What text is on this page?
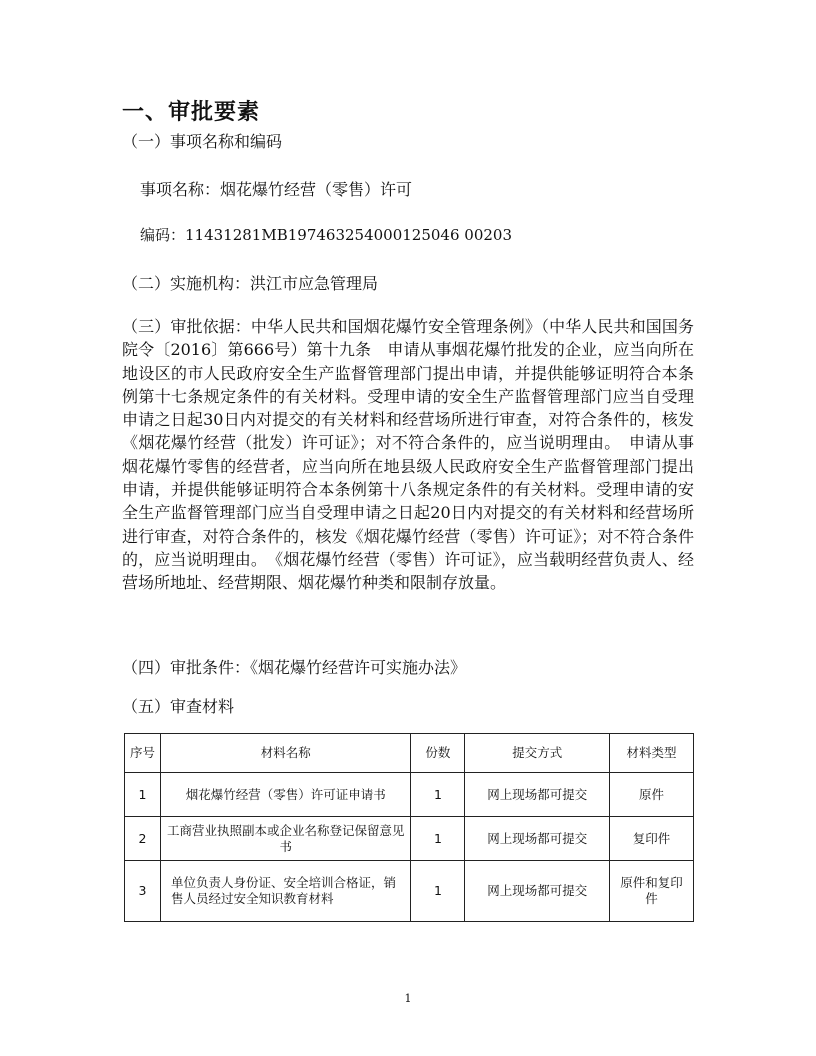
一、审批要素
（一）事项名称和编码
事项名称：烟花爆竹经营（零售）许可
编码：11431281MB197463254000125046 00203
（二）实施机构：洪江市应急管理局

（三）审批依据：中华人民共和国烟花爆竹安全管理条例》（中华人民共和国国务院令〔2016〕第666号）第十九条　申请从事烟花爆竹批发的企业，应当向所在地设区的市人民政府安全生产监督管理部门提出申请，并提供能够证明符合本条例第十七条规定条件的有关材料。受理申请的安全生产监督管理部门应当自受理申请之日起30日内对提交的有关材料和经营场所进行审查，对符合条件的，核发《烟花爆竹经营（批发）许可证》；对不符合条件的，应当说明理由。　申请从事烟花爆竹零售的经营者，应当向所在地县级人民政府安全生产监督管理部门提出申请，并提供能够证明符合本条例第十八条规定条件的有关材料。受理申请的安全生产监督管理部门应当自受理申请之日起20日内对提交的有关材料和经营场所进行审查，对符合条件的，核发《烟花爆竹经营（零售）许可证》；对不符合条件的，应当说明理由。　《烟花爆竹经营（零售）许可证》，应当载明经营负责人、经营场所地址、经营期限、烟花爆竹种类和限制存放量。

（四）审批条件：《烟花爆竹经营许可实施办法》
（五）审查材料
序号	材料名称	份数	提交方式	材料类型
1	烟花爆竹经营（零售）许可证申请书	1	网上现场都可提交	原件
2	工商营业执照副本或企业名称登记保留意见书	1	网上现场都可提交	复印件
3	单位负责人身份证、安全培训合格证，销售人员经过安全知识教育材料	1	网上现场都可提交	原件和复印件
1
